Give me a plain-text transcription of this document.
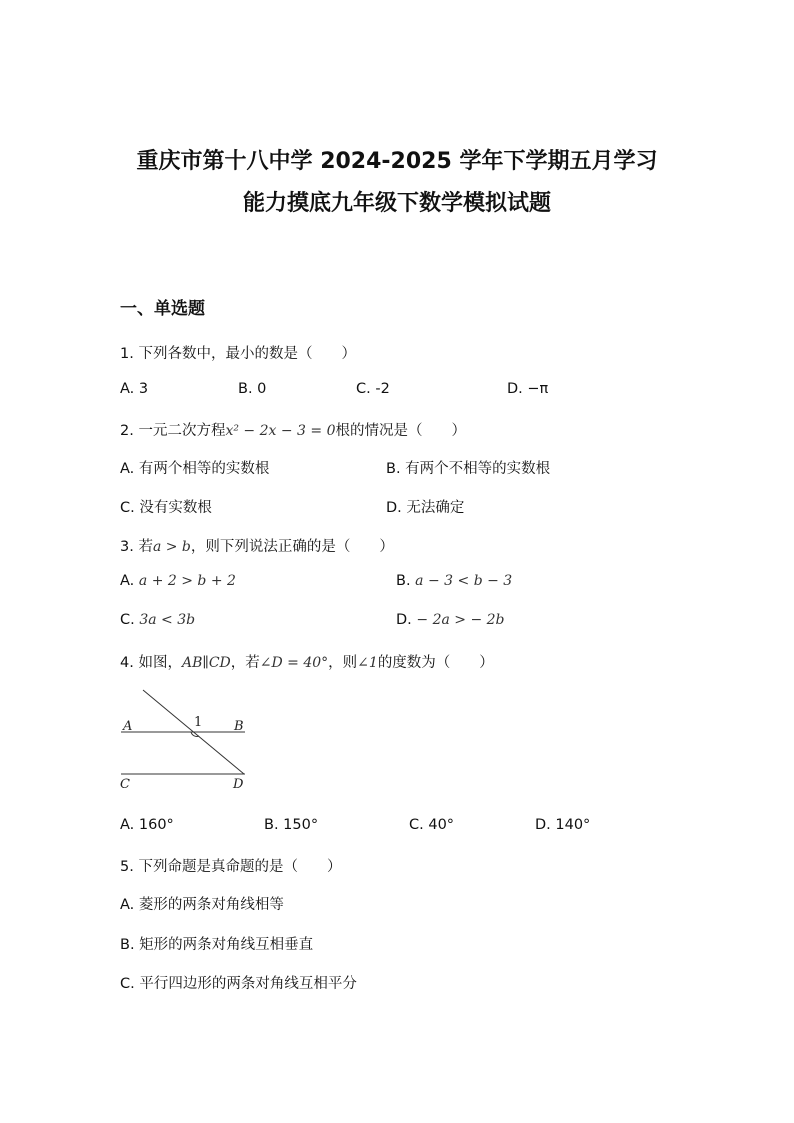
重庆市第十八中学 2024-2025 学年下学期五月学习
能力摸底九年级下数学模拟试题
一、单选题
1. 下列各数中，最小的数是（　　）
A. 3	B. 0	C. -2	D. −π
2. 一元二次方程x² − 2x − 3 = 0根的情况是（　　）
A. 有两个相等的实数根	B. 有两个不相等的实数根
C. 没有实数根	D. 无法确定
3. 若a > b，则下列说法正确的是（　　）
A. a + 2 > b + 2	B. a − 3 < b − 3
C. 3a < 3b	D. − 2a > − 2b
4. 如图，AB∥CD，若∠D = 40°，则∠1的度数为（　　）
A	B
C	D
1
A. 160°	B. 150°	C. 40°	D. 140°
5. 下列命题是真命题的是（　　）
A. 菱形的两条对角线相等
B. 矩形的两条对角线互相垂直
C. 平行四边形的两条对角线互相平分
